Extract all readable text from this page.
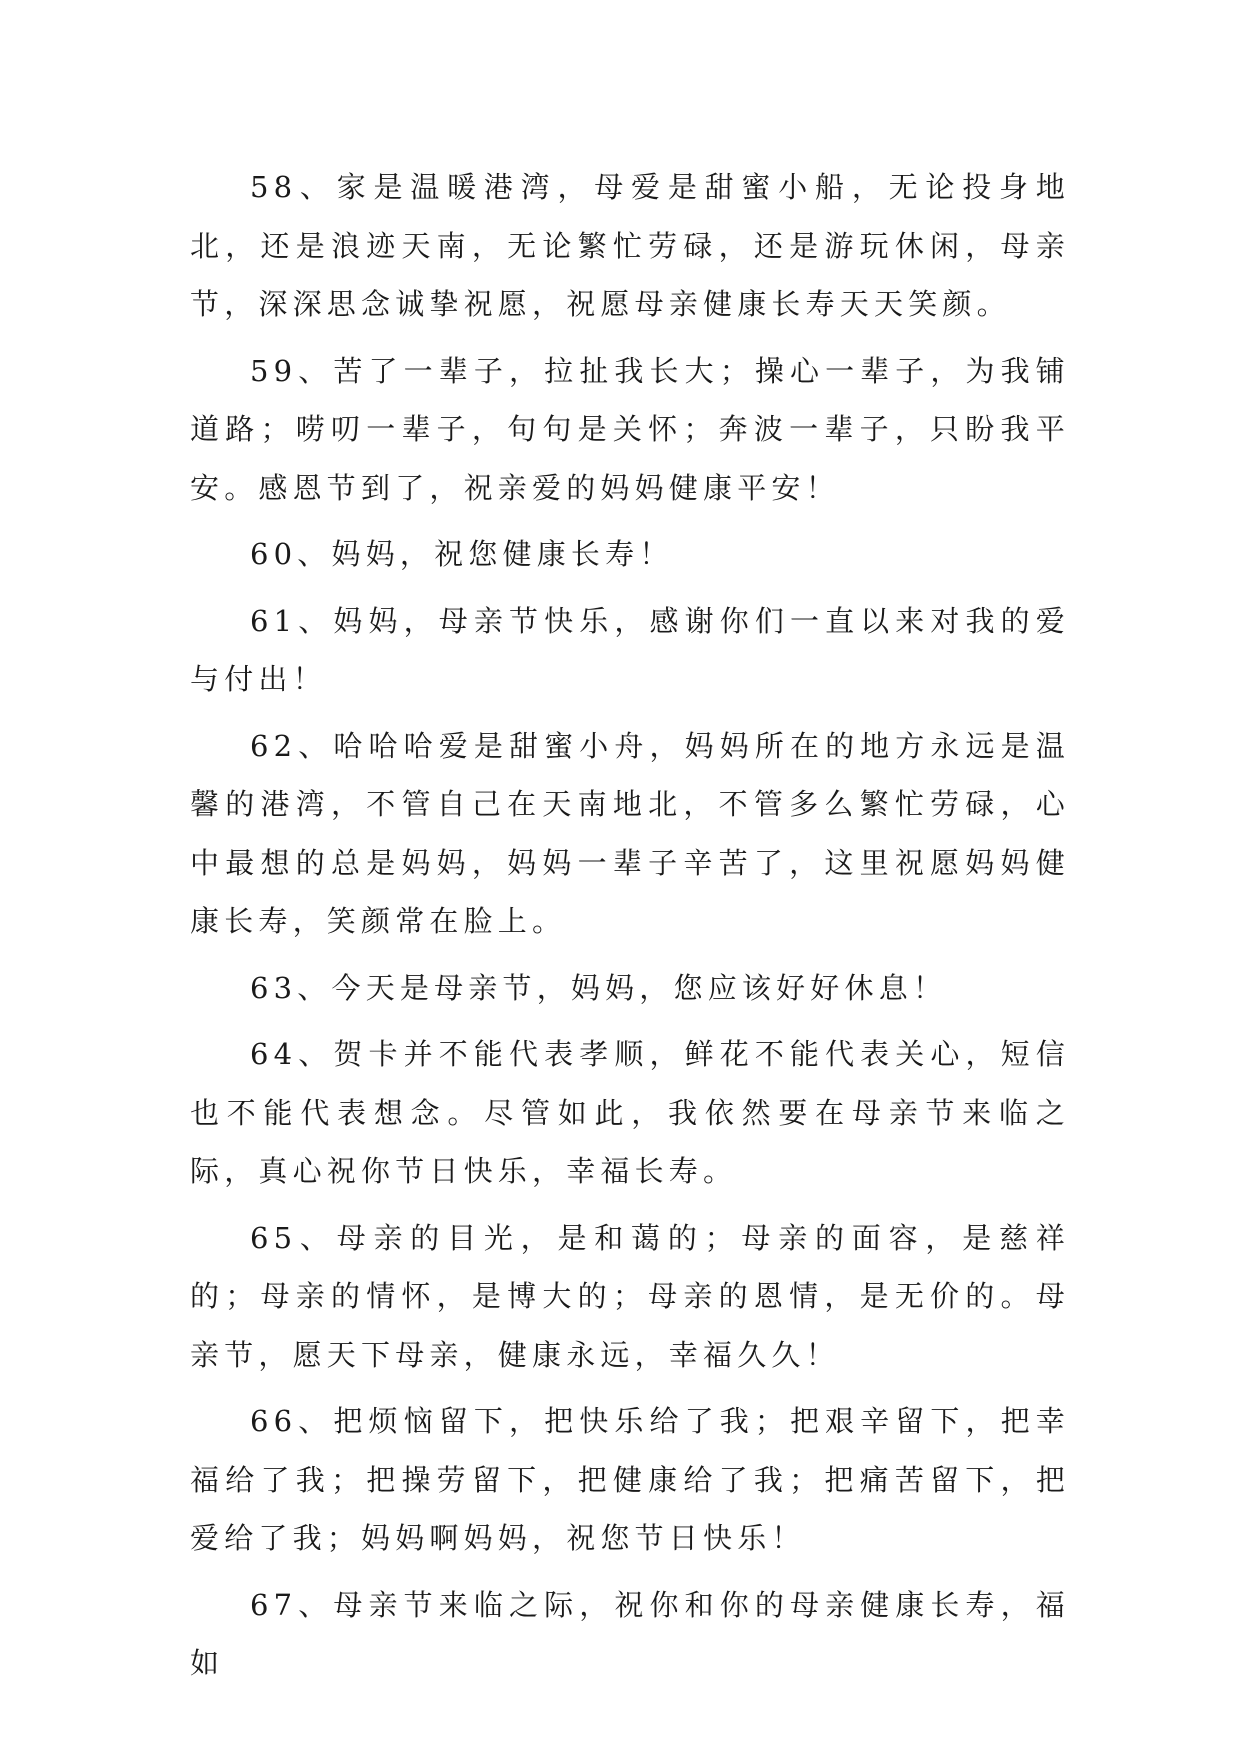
58、家是温暖港湾，母爱是甜蜜小船，无论投身地北，还是浪迹天南，无论繁忙劳碌，还是游玩休闲，母亲节，深深思念诚挚祝愿，祝愿母亲健康长寿天天笑颜。

59、苦了一辈子，拉扯我长大；操心一辈子，为我铺道路；唠叨一辈子，句句是关怀；奔波一辈子，只盼我平安。感恩节到了，祝亲爱的妈妈健康平安！

60、妈妈，祝您健康长寿！

61、妈妈，母亲节快乐，感谢你们一直以来对我的爱与付出！

62、哈哈哈爱是甜蜜小舟，妈妈所在的地方永远是温馨的港湾，不管自己在天南地北，不管多么繁忙劳碌，心中最想的总是妈妈，妈妈一辈子辛苦了，这里祝愿妈妈健康长寿，笑颜常在脸上。

63、今天是母亲节，妈妈，您应该好好休息！

64、贺卡并不能代表孝顺，鲜花不能代表关心，短信也不能代表想念。尽管如此，我依然要在母亲节来临之际，真心祝你节日快乐，幸福长寿。

65、母亲的目光，是和蔼的；母亲的面容，是慈祥的；母亲的情怀，是博大的；母亲的恩情，是无价的。母亲节，愿天下母亲，健康永远，幸福久久！

66、把烦恼留下，把快乐给了我；把艰辛留下，把幸福给了我；把操劳留下，把健康给了我；把痛苦留下，把爱给了我；妈妈啊妈妈，祝您节日快乐！

67、母亲节来临之际，祝你和你的母亲健康长寿，福如
